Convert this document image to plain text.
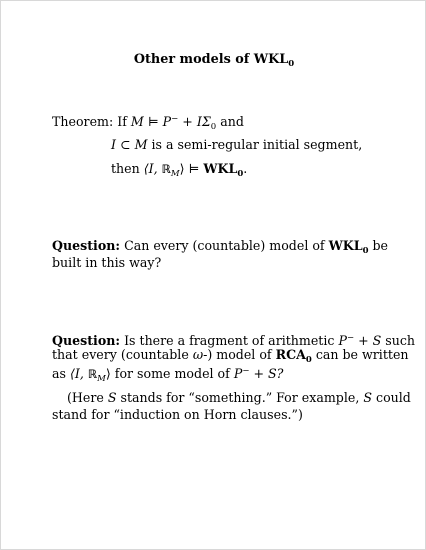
Other models of $WKL_0$
Theorem: If M ⊨ $P^- + I\Sigma_0$ and
I ⊂ M is a semi-regular initial segment,
then ⟨I, ℝ$_M$⟩ ⊨ $WKL_0$.
Question: Can every (countable) model of $WKL_0$ be
built in this way?
Question: Is there a fragment of arithmetic P− + S such
that every (countable ω-) model of $RCA_0$ can be written
as ⟨I, ℝ$_M$⟩ for some model of P− + S?
(Here S stands for “something.” For example, S could
stand for “induction on Horn clauses.”)
